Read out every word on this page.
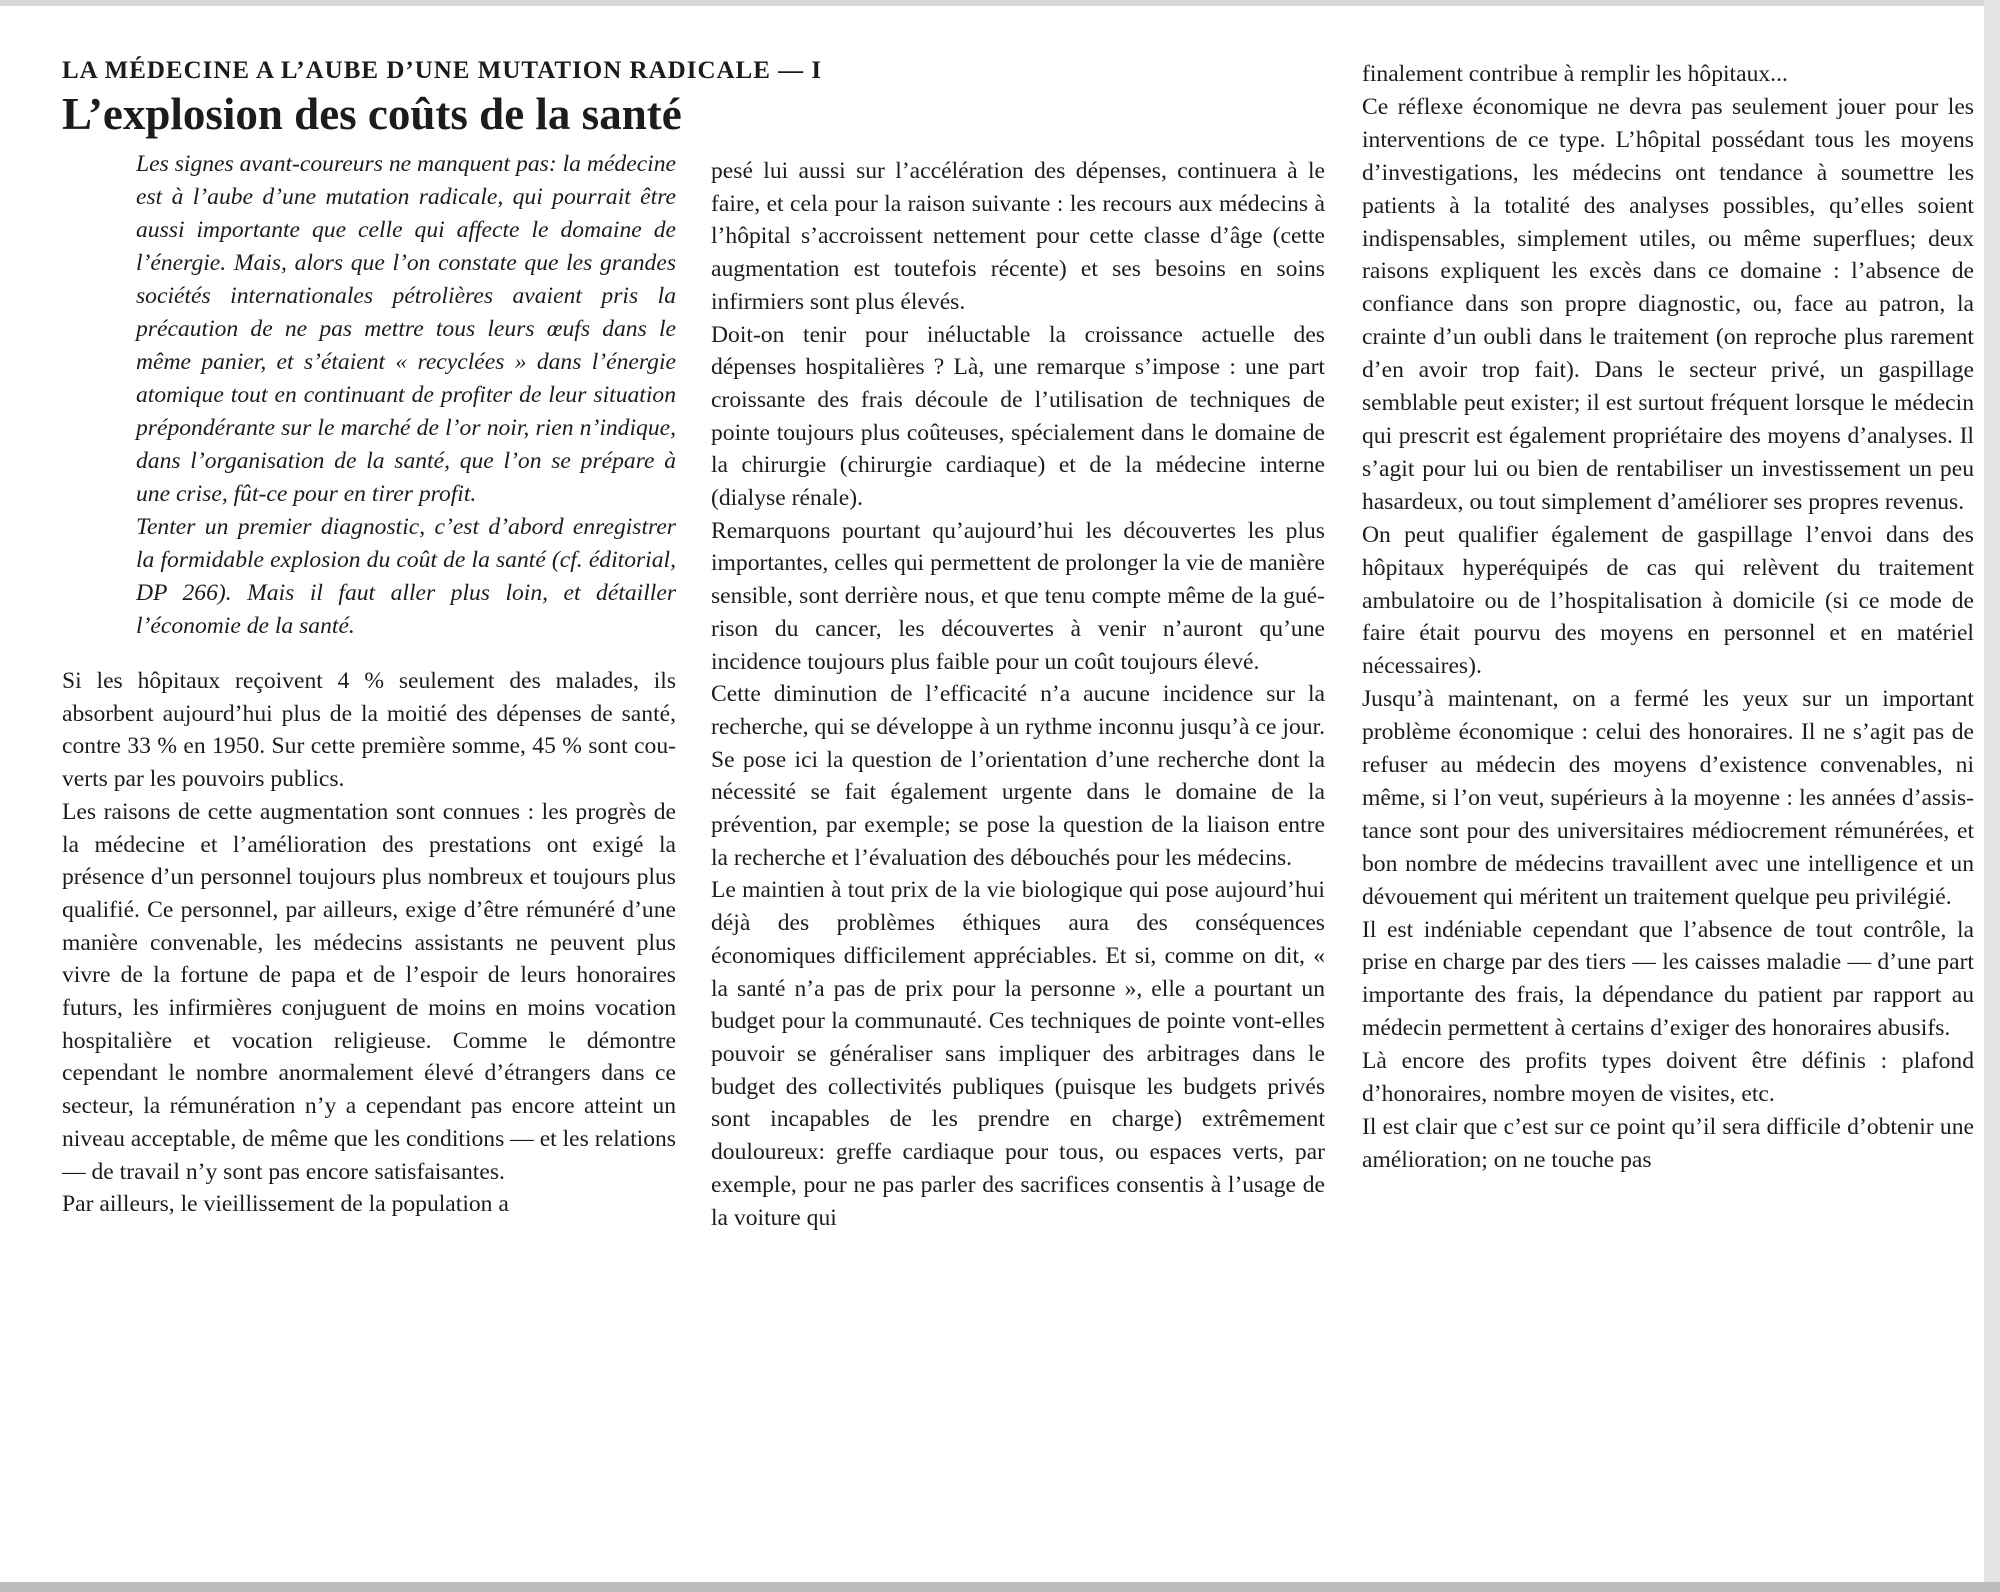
LA MÉDECINE A L’AUBE D’UNE MUTATION RADICALE — I
L’explosion des coûts de la santé

Les signes avant-coureurs ne manquent pas: la médecine est à l’aube d’une mutation radicale, qui pourrait être aussi importante que celle qui affecte le domaine de l’énergie. Mais, alors que l’on constate que les grandes sociétés internationales pétrolières avaient pris la précaution de ne pas mettre tous leurs œufs dans le même panier, et s’étaient « recyclées » dans l’énergie atomique tout en continuant de profiter de leur situation prépondérante sur le marché de l’or noir, rien n’indique, dans l’organisation de la santé, que l’on se prépare à une crise, fût-ce pour en tirer profit.

Tenter un premier diagnostic, c’est d’abord enregistrer la formidable explosion du coût de la santé (cf. éditorial, DP 266). Mais il faut aller plus loin, et détailler l’économie de la santé.

Si les hôpitaux reçoivent 4 % seulement des malades, ils absorbent aujourd’hui plus de la moitié des dépenses de santé, contre 33 % en 1950. Sur cette première somme, 45 % sont couverts par les pouvoirs publics.

Les raisons de cette augmentation sont connues : les progrès de la médecine et l’amélioration des prestations ont exigé la présence d’un personnel toujours plus nombreux et toujours plus qualifié. Ce personnel, par ailleurs, exige d’être rémunéré d’une manière convenable, les médecins assistants ne peuvent plus vivre de la fortune de papa et de l’espoir de leurs honoraires futurs, les infirmières conjuguent de moins en moins vocation hospitalière et vocation religieuse. Comme le démontre cependant le nombre anormalement élevé d’étrangers dans ce secteur, la rémunération n’y a cependant pas encore atteint un niveau acceptable, de même que les conditions — et les relations — de travail n’y sont pas encore satisfaisantes.

Par ailleurs, le vieillissement de la population a

pesé lui aussi sur l’accélération des dépenses, continuera à le faire, et cela pour la raison suivante : les recours aux médecins à l’hôpital s’accroissent nettement pour cette classe d’âge (cette augmentation est toutefois récente) et ses besoins en soins infirmiers sont plus élevés.

Doit-on tenir pour inéluctable la croissance actuelle des dépenses hospitalières ? Là, une remarque s’impose : une part croissante des frais découle de l’utilisation de techniques de pointe toujours plus coûteuses, spécialement dans le domaine de la chirurgie (chirurgie cardiaque) et de la médecine interne (dialyse rénale).

Remarquons pourtant qu’aujourd’hui les découvertes les plus importantes, celles qui permettent de prolonger la vie de manière sensible, sont derrière nous, et que tenu compte même de la guérison du cancer, les découvertes à venir n’auront qu’une incidence toujours plus faible pour un coût toujours élevé.

Cette diminution de l’efficacité n’a aucune incidence sur la recherche, qui se développe à un rythme inconnu jusqu’à ce jour. Se pose ici la question de l’orientation d’une recherche dont la nécessité se fait également urgente dans le domaine de la prévention, par exemple; se pose la question de la liaison entre la recherche et l’évaluation des débouchés pour les médecins.

Le maintien à tout prix de la vie biologique qui pose aujourd’hui déjà des problèmes éthiques aura des conséquences économiques difficilement appréciables. Et si, comme on dit, « la santé n’a pas de prix pour la personne », elle a pourtant un budget pour la communauté. Ces techniques de pointe vont-elles pouvoir se généraliser sans impliquer des arbitrages dans le budget des collectivités publiques (puisque les budgets privés sont incapables de les prendre en charge) extrêmement douloureux: greffe cardiaque pour tous, ou espaces verts, par exemple, pour ne pas parler des sacrifices consentis à l’usage de la voiture qui

finalement contribue à remplir les hôpitaux...

Ce réflexe économique ne devra pas seulement jouer pour les interventions de ce type. L’hôpital possédant tous les moyens d’investigations, les médecins ont tendance à soumettre les patients à la totalité des analyses possibles, qu’elles soient indispensables, simplement utiles, ou même superflues; deux raisons expliquent les excès dans ce domaine : l’absence de confiance dans son propre diagnostic, ou, face au patron, la crainte d’un oubli dans le traitement (on reproche plus rarement d’en avoir trop fait). Dans le secteur privé, un gaspillage semblable peut exister; il est surtout fréquent lorsque le médecin qui prescrit est également propriétaire des moyens d’analyses. Il s’agit pour lui ou bien de rentabiliser un investissement un peu hasardeux, ou tout simplement d’améliorer ses propres revenus.

On peut qualifier également de gaspillage l’envoi dans des hôpitaux hyperéquipés de cas qui relèvent du traitement ambulatoire ou de l’hospitalisation à domicile (si ce mode de faire était pourvu des moyens en personnel et en matériel nécessaires).

Jusqu’à maintenant, on a fermé les yeux sur un important problème économique : celui des honoraires. Il ne s’agit pas de refuser au médecin des moyens d’existence convenables, ni même, si l’on veut, supérieurs à la moyenne : les années d’assistance sont pour des universitaires médiocrement rémunérées, et bon nombre de médecins travaillent avec une intelligence et un dévouement qui méritent un traitement quelque peu privilégié.

Il est indéniable cependant que l’absence de tout contrôle, la prise en charge par des tiers — les caisses maladie — d’une part importante des frais, la dépendance du patient par rapport au médecin permettent à certains d’exiger des honoraires abusifs.

Là encore des profits types doivent être définis : plafond d’honoraires, nombre moyen de visites, etc.

Il est clair que c’est sur ce point qu’il sera difficile d’obtenir une amélioration; on ne touche pas
